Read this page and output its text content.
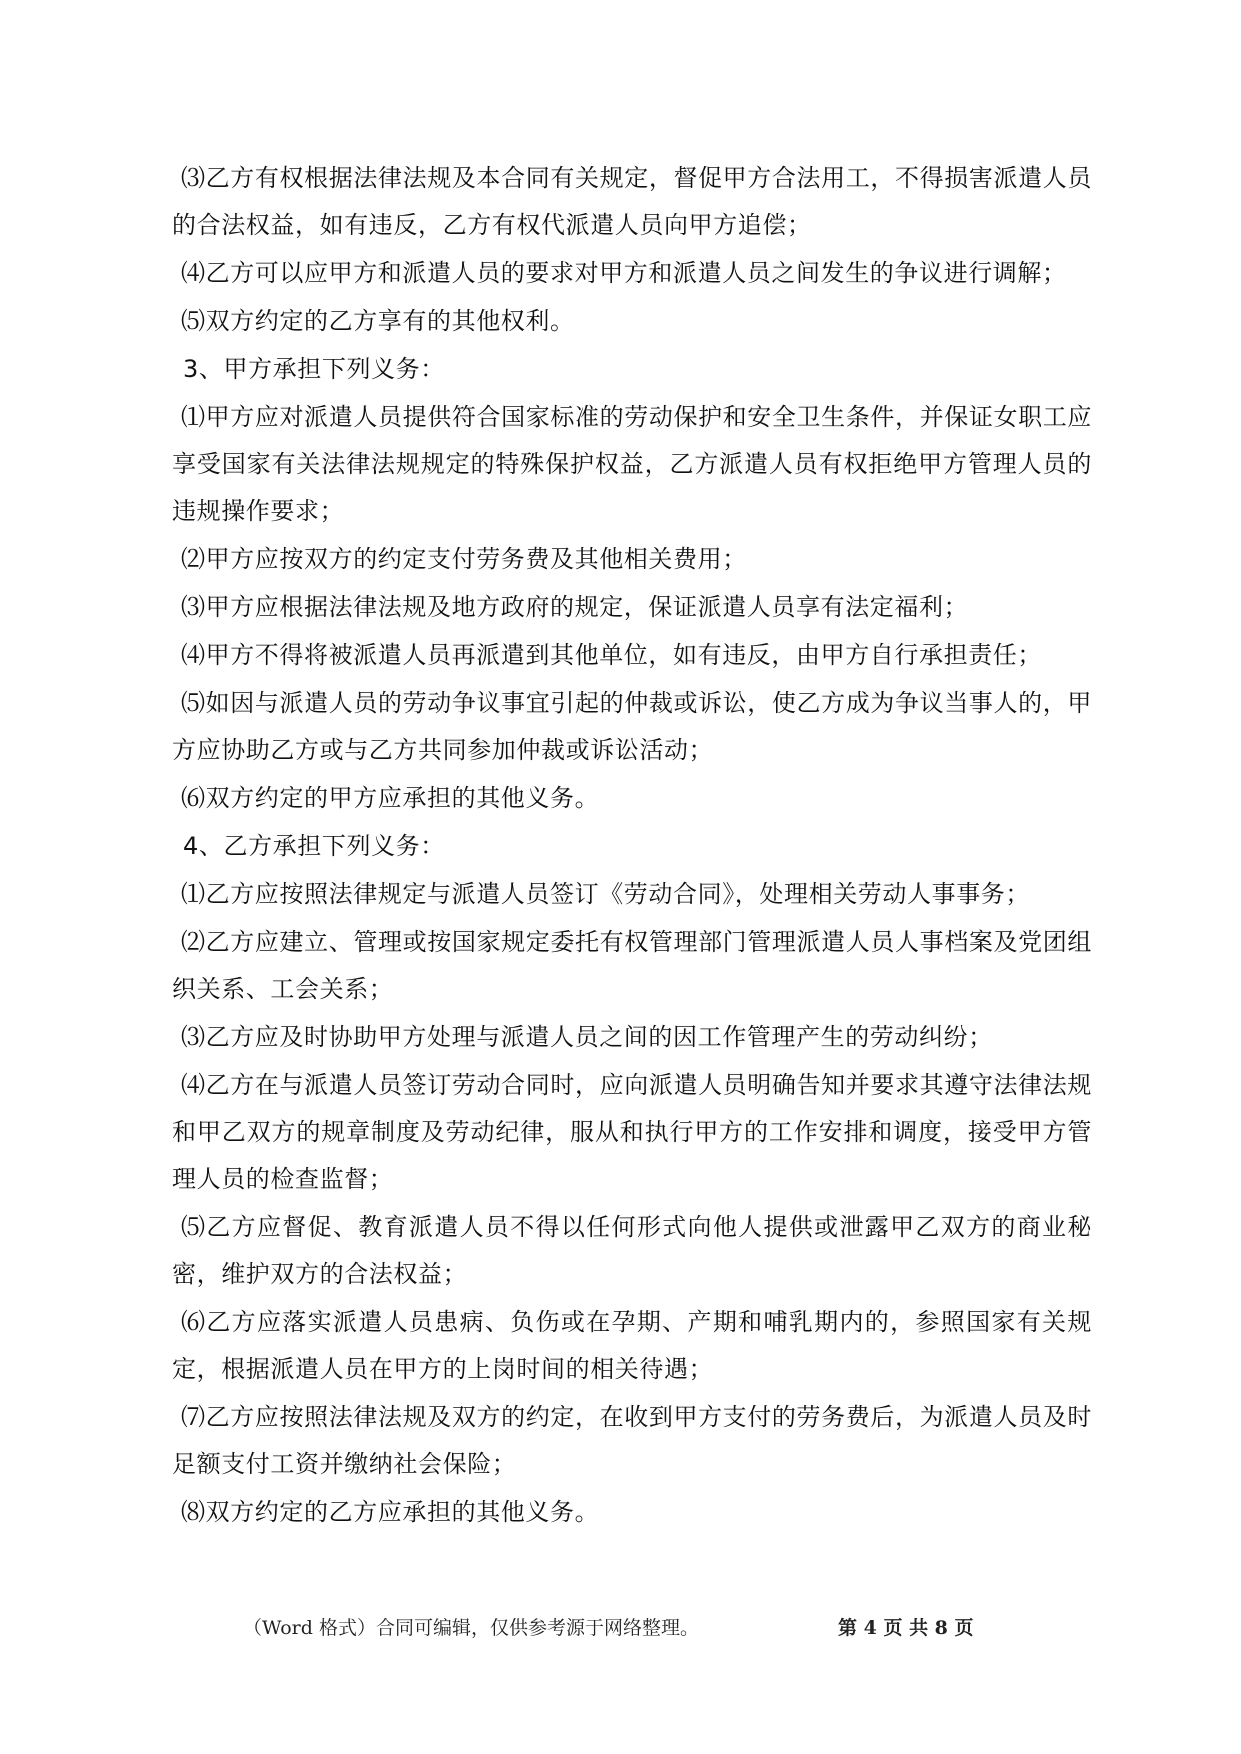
⑶乙方有权根据法律法规及本合同有关规定，督促甲方合法用工，不得损害派遣人员的合法权益，如有违反，乙方有权代派遣人员向甲方追偿；

⑷乙方可以应甲方和派遣人员的要求对甲方和派遣人员之间发生的争议进行调解；

⑸双方约定的乙方享有的其他权利。

3、甲方承担下列义务：

⑴甲方应对派遣人员提供符合国家标准的劳动保护和安全卫生条件，并保证女职工应享受国家有关法律法规规定的特殊保护权益，乙方派遣人员有权拒绝甲方管理人员的违规操作要求；

⑵甲方应按双方的约定支付劳务费及其他相关费用；

⑶甲方应根据法律法规及地方政府的规定，保证派遣人员享有法定福利；

⑷甲方不得将被派遣人员再派遣到其他单位，如有违反，由甲方自行承担责任；

⑸如因与派遣人员的劳动争议事宜引起的仲裁或诉讼，使乙方成为争议当事人的，甲方应协助乙方或与乙方共同参加仲裁或诉讼活动；

⑹双方约定的甲方应承担的其他义务。

4、乙方承担下列义务：

⑴乙方应按照法律规定与派遣人员签订《劳动合同》，处理相关劳动人事事务；

⑵乙方应建立、管理或按国家规定委托有权管理部门管理派遣人员人事档案及党团组织关系、工会关系；

⑶乙方应及时协助甲方处理与派遣人员之间的因工作管理产生的劳动纠纷；

⑷乙方在与派遣人员签订劳动合同时，应向派遣人员明确告知并要求其遵守法律法规和甲乙双方的规章制度及劳动纪律，服从和执行甲方的工作安排和调度，接受甲方管理人员的检查监督；

⑸乙方应督促、教育派遣人员不得以任何形式向他人提供或泄露甲乙双方的商业秘密，维护双方的合法权益；

⑹乙方应落实派遣人员患病、负伤或在孕期、产期和哺乳期内的，参照国家有关规定，根据派遣人员在甲方的上岗时间的相关待遇；

⑺乙方应按照法律法规及双方的约定，在收到甲方支付的劳务费后，为派遣人员及时足额支付工资并缴纳社会保险；

⑻双方约定的乙方应承担的其他义务。

（Word 格式）合同可编辑，仅供参考源于网络整理。	第 4 页 共 8 页
